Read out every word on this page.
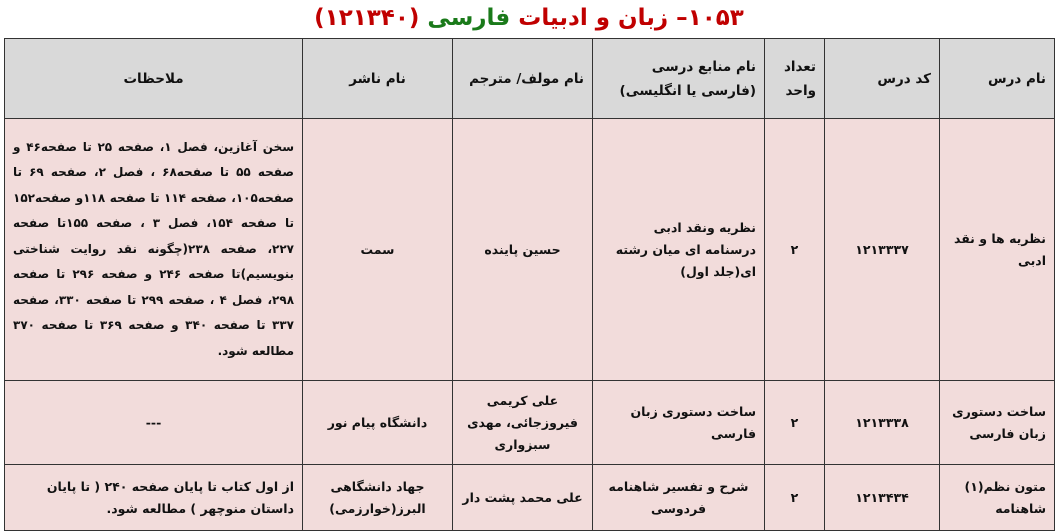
۱۰۵۳– زبان و ادبیات فارسی (۱۲۱۳۴۰)
نام درس	کد درس	تعداد واحد	نام منابع درسی (فارسی یا انگلیسی)	نام مولف/ مترجم	نام ناشر	ملاحظات
نظریه ها و نقد ادبی	۱۲۱۳۳۳۷	۲	نظریه ونقد ادبی درسنامه ای میان رشته ای(جلد اول)	حسین پاینده	سمت	سخن آغازین، فصل ۱، صفحه ۲۵ تا صفحه۴۶ و صفحه ۵۵ تا صفحه۶۸ ، فصل ۲، صفحه ۶۹ تا صفحه۱۰۵، صفحه ۱۱۴ تا صفحه ۱۱۸و صفحه۱۵۲ تا صفحه ۱۵۴، فصل ۳ ، صفحه ۱۵۵تا صفحه ۲۲۷، صفحه ۲۳۸(چگونه نقد روایت شناختی بنویسیم)تا صفحه ۲۴۶ و صفحه ۲۹۶ تا صفحه ۲۹۸، فصل ۴ ، صفحه ۲۹۹ تا صفحه ۳۳۰، صفحه ۳۳۷ تا صفحه ۳۴۰ و صفحه ۳۶۹ تا صفحه ۳۷۰ مطالعه شود.
ساخت دستوری زبان فارسی	۱۲۱۳۳۳۸	۲	ساخت دستوری زبان فارسی	علی کریمی فیروزجائی، مهدی سبزواری	دانشگاه پیام نور	---
متون نظم(۱) شاهنامه	۱۲۱۳۴۳۴	۲	شرح و تفسیر شاهنامه فردوسی	علی محمد پشت دار	جهاد دانشگاهی البرز(خوارزمی)	از اول کتاب تا پایان صفحه ۲۴۰ ( تا پایان داستان منوچهر ) مطالعه شود.
